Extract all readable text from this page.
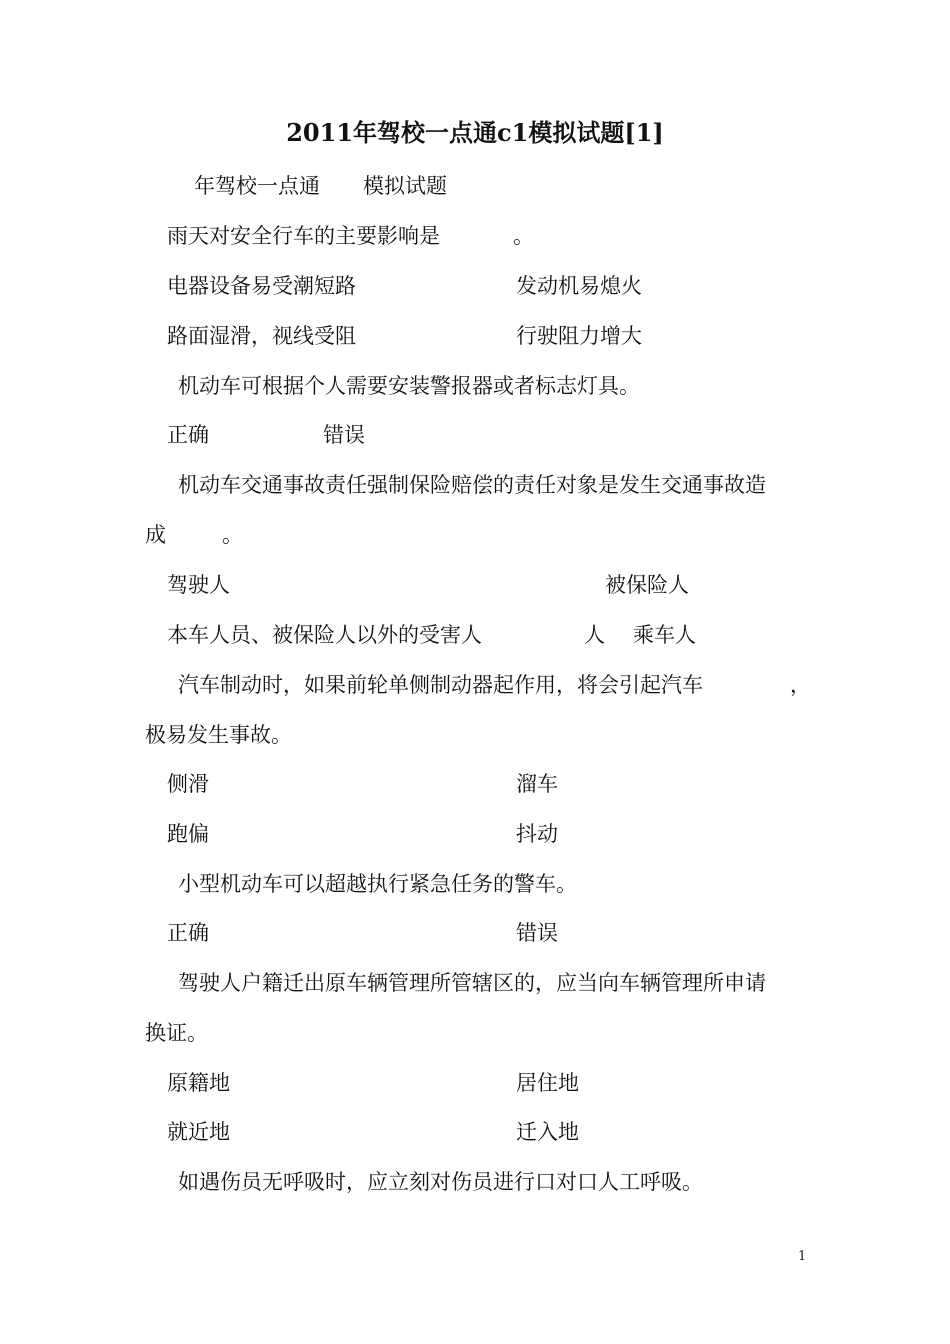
2011年驾校一点通c1模拟试题[1]
年驾校一点通 模拟试题
雨天对安全行车的主要影响是	。
电器设备易受潮短路	发动机易熄火
路面湿滑，视线受阻	行驶阻力增大
机动车可根据个人需要安装警报器或者标志灯具。
正确	错误
机动车交通事故责任强制保险赔偿的责任对象是发生交通事故造
成	。
驾驶人	被保险人
本车人员、被保险人以外的受害人	人 乘车人
汽车制动时，如果前轮单侧制动器起作用，将会引起汽车	，
极易发生事故。
侧滑	溜车
跑偏	抖动
小型机动车可以超越执行紧急任务的警车。
正确	错误
驾驶人户籍迁出原车辆管理所管辖区的，应当向车辆管理所申请
换证。
原籍地	居住地
就近地	迁入地
如遇伤员无呼吸时，应立刻对伤员进行口对口人工呼吸。
1
